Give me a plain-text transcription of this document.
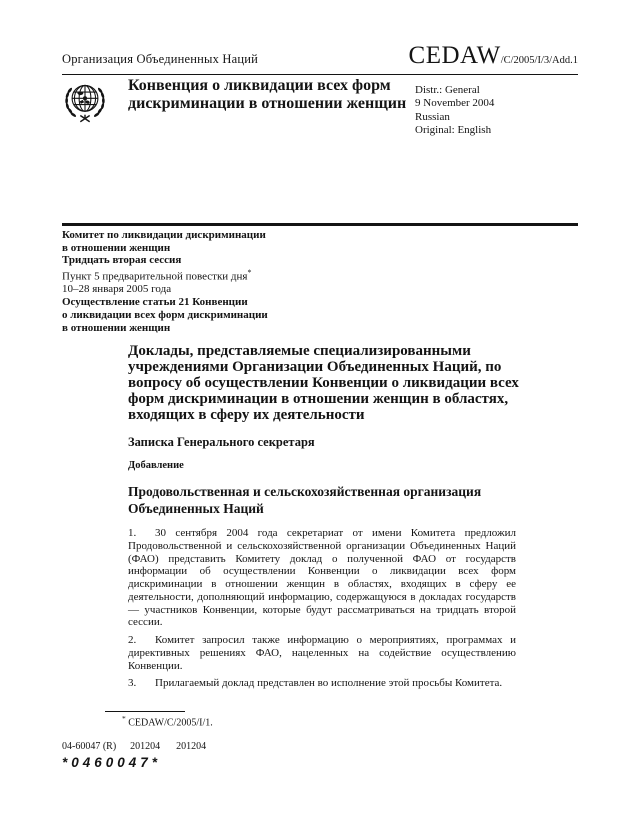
Организация Объединенных Наций	CEDAW/C/2005/I/3/Add.1
Конвенция о ликвидации всех форм дискриминации в отношении женщин
Distr.: General
9 November 2004
Russian
Original: English
Комитет по ликвидации дискриминации
в отношении женщин
Тридцать вторая сессия
Пункт 5 предварительной повестки дня*
10–28 января 2005 года
Осуществление статьи 21 Конвенции
о ликвидации всех форм дискриминации
в отношении женщин
Доклады, представляемые специализированными учреждениями Организации Объединенных Наций, по вопросу об осуществлении Конвенции о ликвидации всех форм дискриминации в отношении женщин в областях, входящих в сферу их деятельности
Записка Генерального секретаря
Добавление
Продовольственная и сельскохозяйственная организация Объединенных Наций

1. 30 сентября 2004 года секретариат от имени Комитета предложил Продовольственной и сельскохозяйственной организации Объединенных Наций (ФАО) представить Комитету доклад о полученной ФАО от государств информации об осуществлении Конвенции о ликвидации всех форм дискриминации в отношении женщин в областях, входящих в сферу ее деятельности, дополняющий информацию, содержащуюся в докладах государств — участников Конвенции, которые будут рассматриваться на тридцать второй сессии.

2. Комитет запросил также информацию о мероприятиях, программах и директивных решениях ФАО, нацеленных на содействие осуществлению Конвенции.

3. Прилагаемый доклад представлен во исполнение этой просьбы Комитета.

* CEDAW/C/2005/I/1.
04-60047 (R) 201204 201204
*0460047*
